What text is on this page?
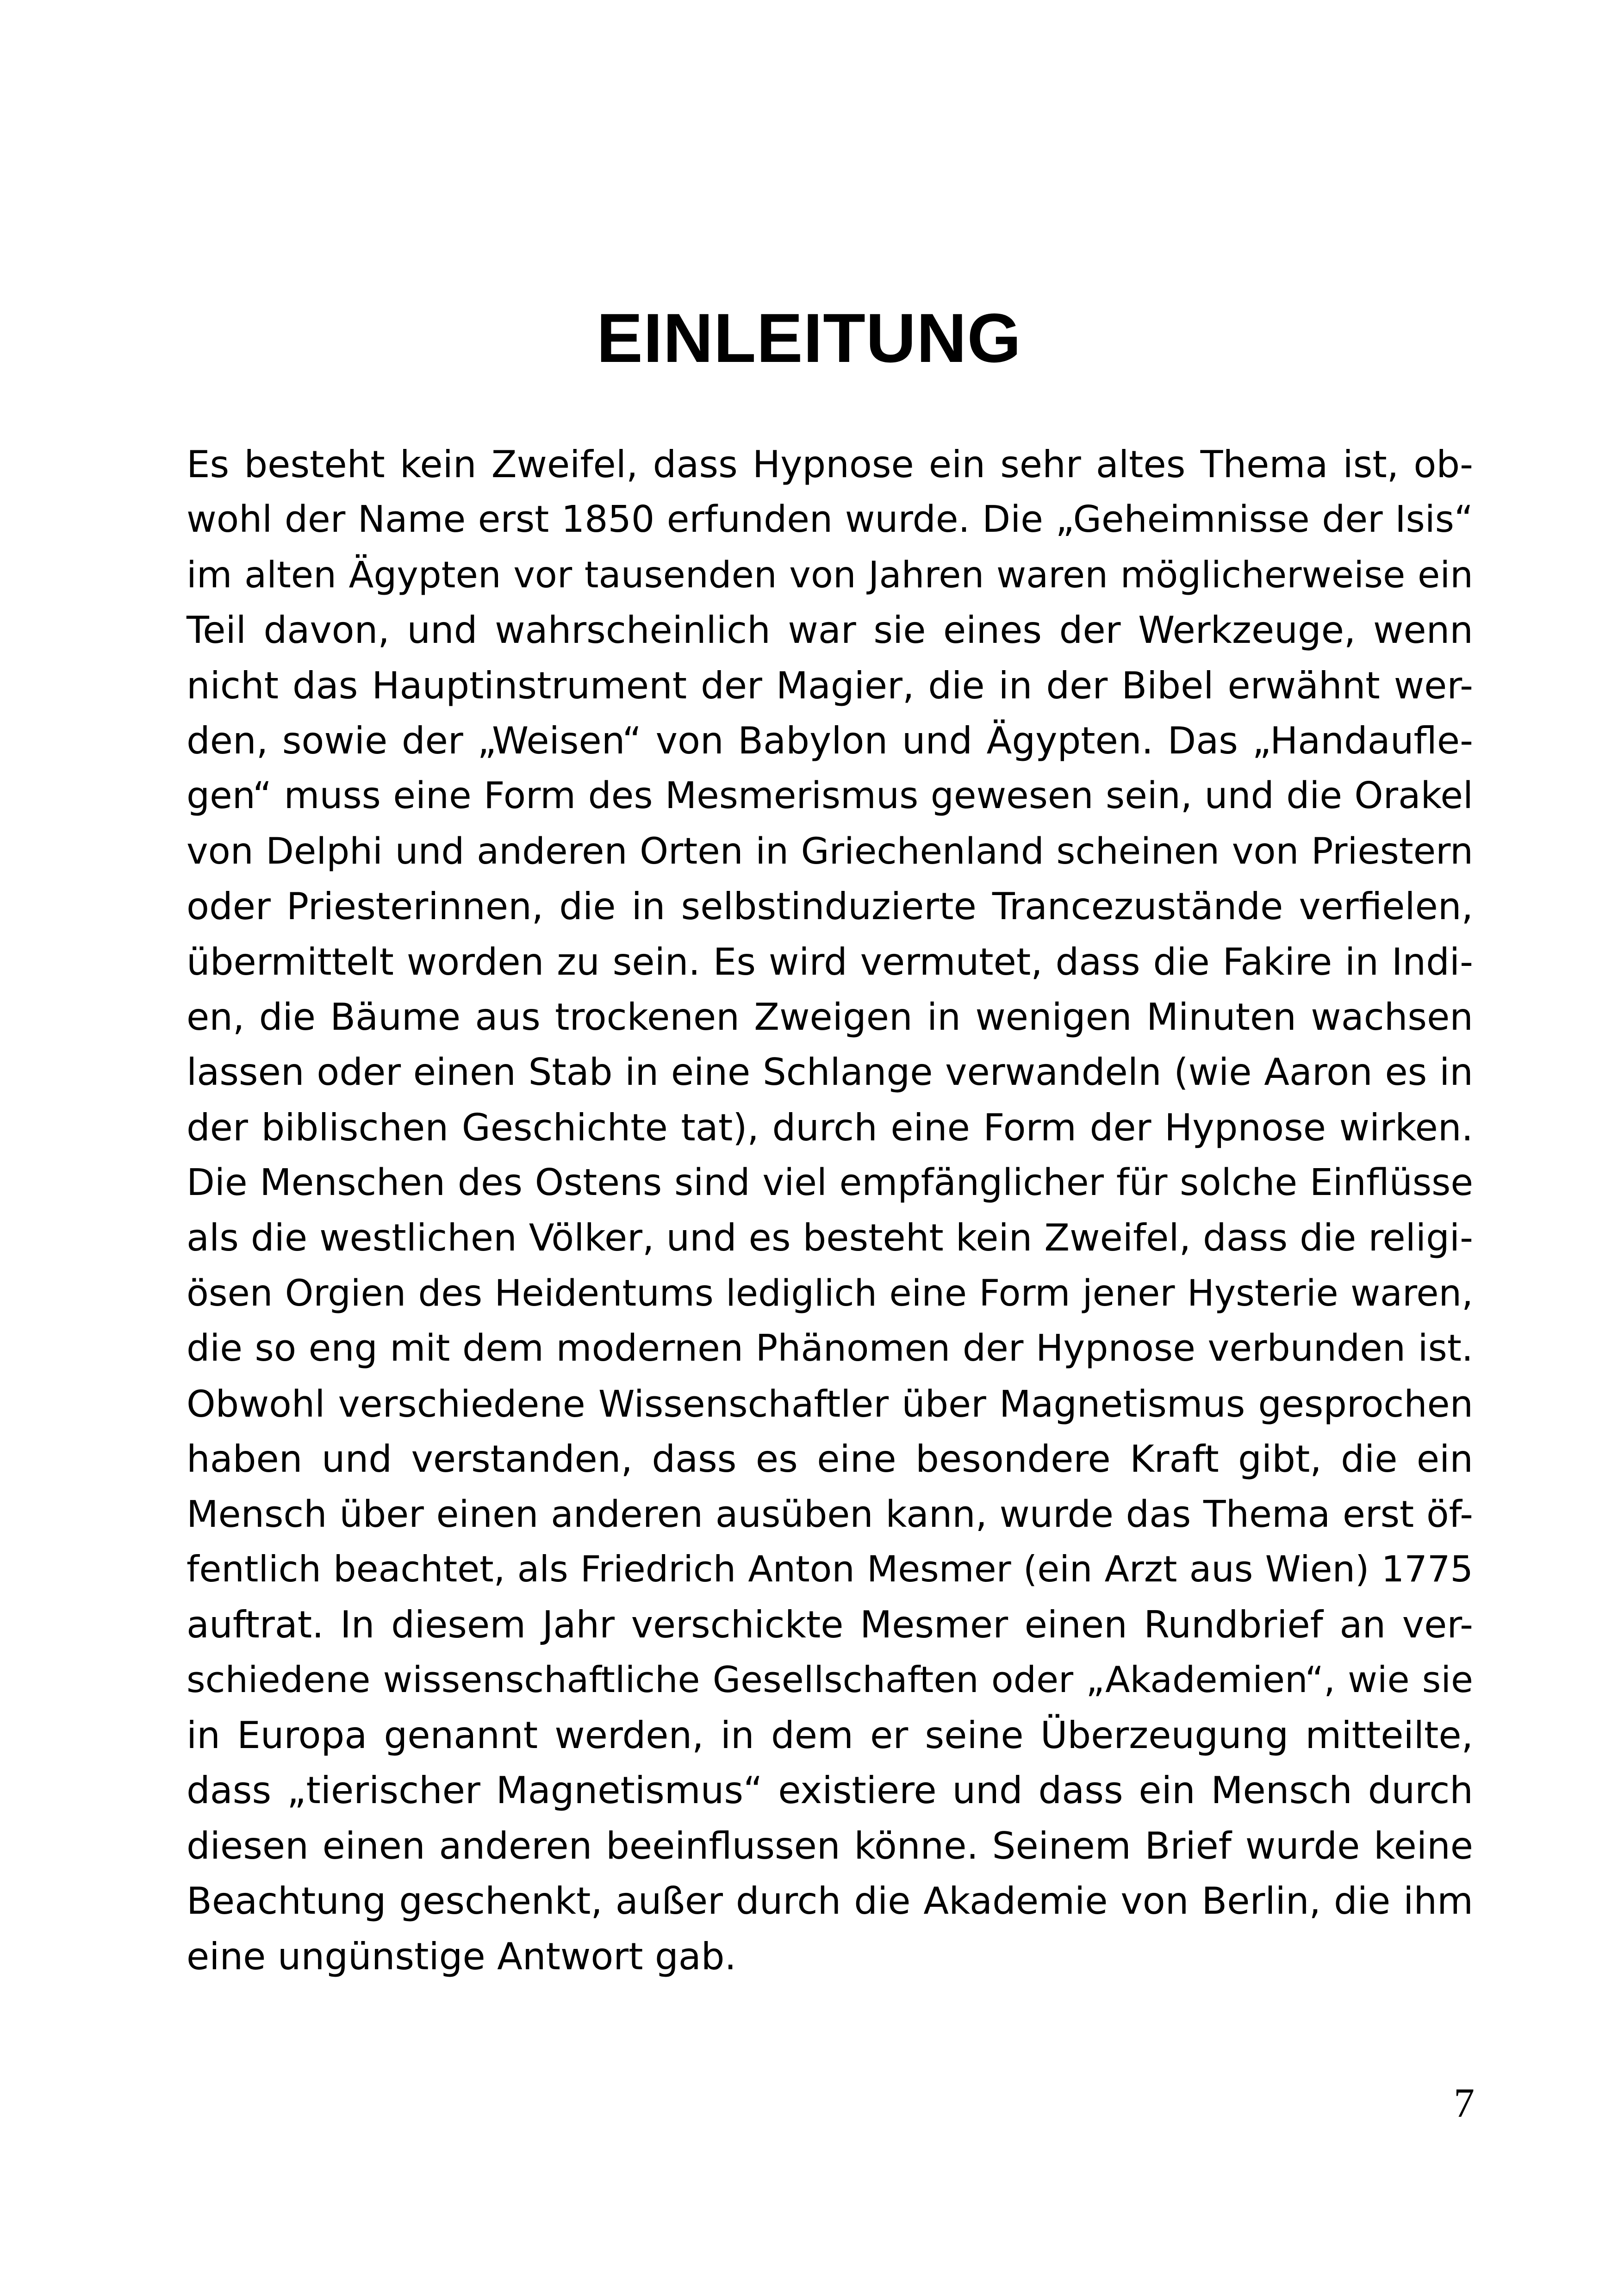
EINLEITUNG
Es besteht kein Zweifel, dass Hypnose ein sehr altes Thema ist, ob-
wohl der Name erst 1850 erfunden wurde. Die „Geheimnisse der Isis“
im alten Ägypten vor tausenden von Jahren waren möglicherweise ein
Teil davon, und wahrscheinlich war sie eines der Werkzeuge, wenn
nicht das Hauptinstrument der Magier, die in der Bibel erwähnt wer-
den, sowie der „Weisen“ von Babylon und Ägypten. Das „Handaufle-
gen“ muss eine Form des Mesmerismus gewesen sein, und die Orakel
von Delphi und anderen Orten in Griechenland scheinen von Priestern
oder Priesterinnen, die in selbstinduzierte Trancezustände verfielen,
übermittelt worden zu sein. Es wird vermutet, dass die Fakire in Indi-
en, die Bäume aus trockenen Zweigen in wenigen Minuten wachsen
lassen oder einen Stab in eine Schlange verwandeln (wie Aaron es in
der biblischen Geschichte tat), durch eine Form der Hypnose wirken.
Die Menschen des Ostens sind viel empfänglicher für solche Einflüsse
als die westlichen Völker, und es besteht kein Zweifel, dass die religi-
ösen Orgien des Heidentums lediglich eine Form jener Hysterie waren,
die so eng mit dem modernen Phänomen der Hypnose verbunden ist.
Obwohl verschiedene Wissenschaftler über Magnetismus gesprochen
haben und verstanden, dass es eine besondere Kraft gibt, die ein
Mensch über einen anderen ausüben kann, wurde das Thema erst öf-
fentlich beachtet, als Friedrich Anton Mesmer (ein Arzt aus Wien) 1775
auftrat. In diesem Jahr verschickte Mesmer einen Rundbrief an ver-
schiedene wissenschaftliche Gesellschaften oder „Akademien“, wie sie
in Europa genannt werden, in dem er seine Überzeugung mitteilte,
dass „tierischer Magnetismus“ existiere und dass ein Mensch durch
diesen einen anderen beeinflussen könne. Seinem Brief wurde keine
Beachtung geschenkt, außer durch die Akademie von Berlin, die ihm
eine ungünstige Antwort gab.
7
